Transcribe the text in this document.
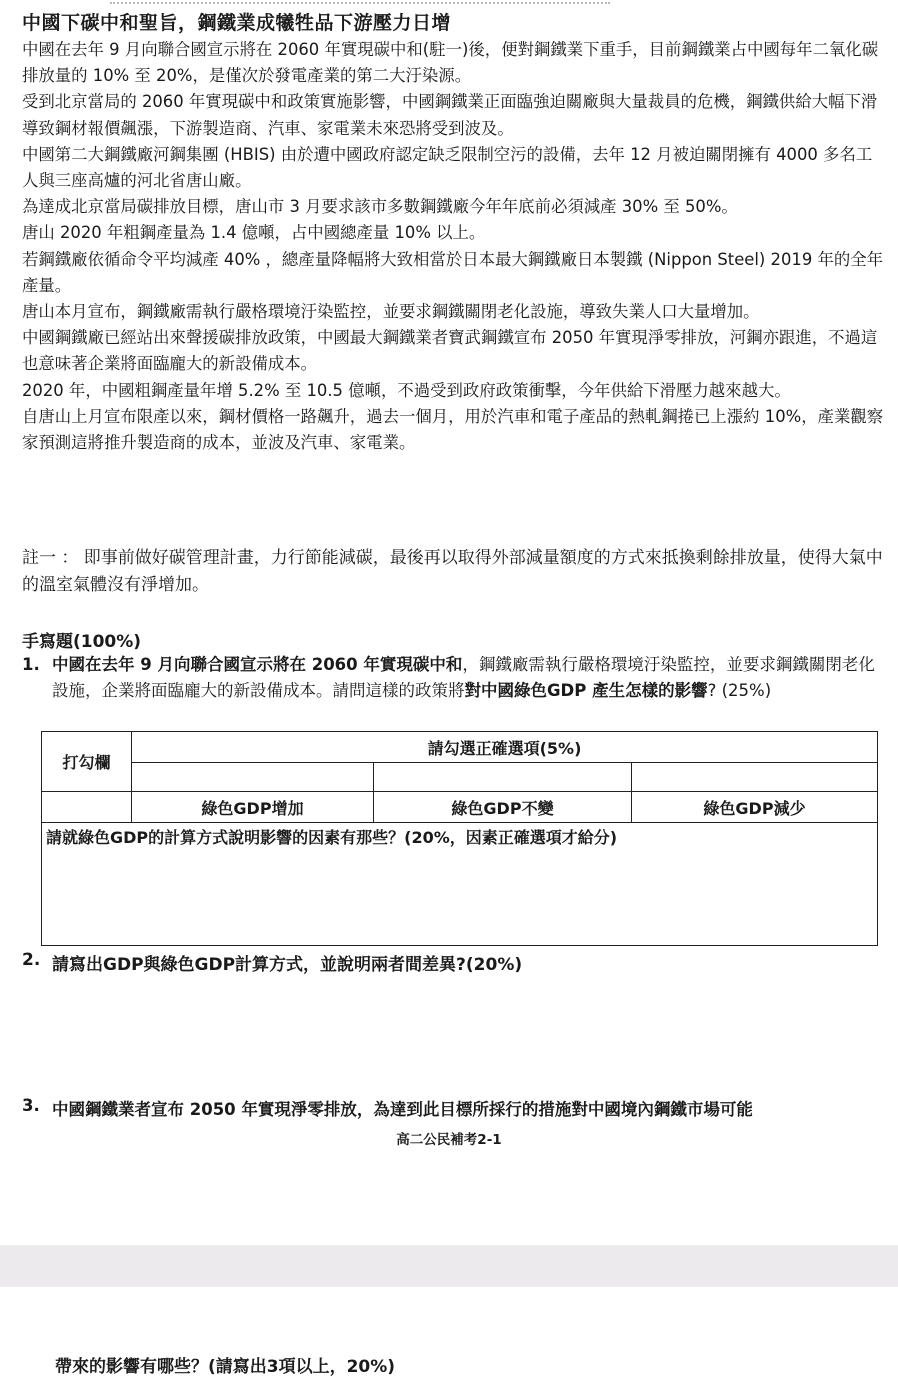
中國下碳中和聖旨，鋼鐵業成犧牲品下游壓力日增

中國在去年 9 月向聯合國宣示將在 2060 年實現碳中和(駐一)後，便對鋼鐵業下重手，目前鋼鐵業占中國每年二氧化碳排放量的 10% 至 20%，是僅次於發電產業的第二大汙染源。

受到北京當局的 2060 年實現碳中和政策實施影響，中國鋼鐵業正面臨強迫關廠與大量裁員的危機，鋼鐵供給大幅下滑導致鋼材報價飆漲，下游製造商、汽車、家電業未來恐將受到波及。

中國第二大鋼鐵廠河鋼集團 (HBIS) 由於遭中國政府認定缺乏限制空污的設備，去年 12 月被迫關閉擁有 4000 多名工人與三座高爐的河北省唐山廠。

為達成北京當局碳排放目標，唐山市 3 月要求該市多數鋼鐵廠今年年底前必須減產 30% 至 50%。

唐山 2020 年粗鋼產量為 1.4 億噸，占中國總產量 10% 以上。

若鋼鐵廠依循命令平均減產 40% ，總產量降幅將大致相當於日本最大鋼鐵廠日本製鐵 (Nippon Steel) 2019 年的全年產量。

唐山本月宣布，鋼鐵廠需執行嚴格環境汙染監控，並要求鋼鐵關閉老化設施，導致失業人口大量增加。

中國鋼鐵廠已經站出來聲援碳排放政策，中國最大鋼鐵業者寶武鋼鐵宣布 2050 年實現淨零排放，河鋼亦跟進，不過這也意味著企業將面臨龐大的新設備成本。

2020 年，中國粗鋼產量年增 5.2% 至 10.5 億噸，不過受到政府政策衝擊，今年供給下滑壓力越來越大。

自唐山上月宣布限產以來，鋼材價格一路飆升，過去一個月，用於汽車和電子產品的熱軋鋼捲已上漲約 10%，產業觀察家預測這將推升製造商的成本，並波及汽車、家電業。

註一 ： 即事前做好碳管理計畫，力行節能減碳，最後再以取得外部減量額度的方式來抵換剩餘排放量，使得大氣中的溫室氣體沒有淨增加。

手寫題(100%)
1. 中國在去年 9 月向聯合國宣示將在 2060 年實現碳中和，鋼鐵廠需執行嚴格環境汙染監控，並要求鋼鐵關閉老化設施，企業將面臨龐大的新設備成本。請問這樣的政策將對中國綠色GDP 產生怎樣的影響? (25%)
打勾欄	請勾選正確選項(5%)		

	綠色GDP增加	綠色GDP不變	綠色GDP減少
請就綠色GDP的計算方式說明影響的因素有那些？(20%，因素正確選項才給分)			
2. 請寫出GDP與綠色GDP計算方式，並說明兩者間差異?(20%)
3. 中國鋼鐵業者宣布 2050 年實現淨零排放，為達到此目標所採行的措施對中國境內鋼鐵市場可能
高二公民補考2-1
帶來的影響有哪些？(請寫出3項以上，20%)
